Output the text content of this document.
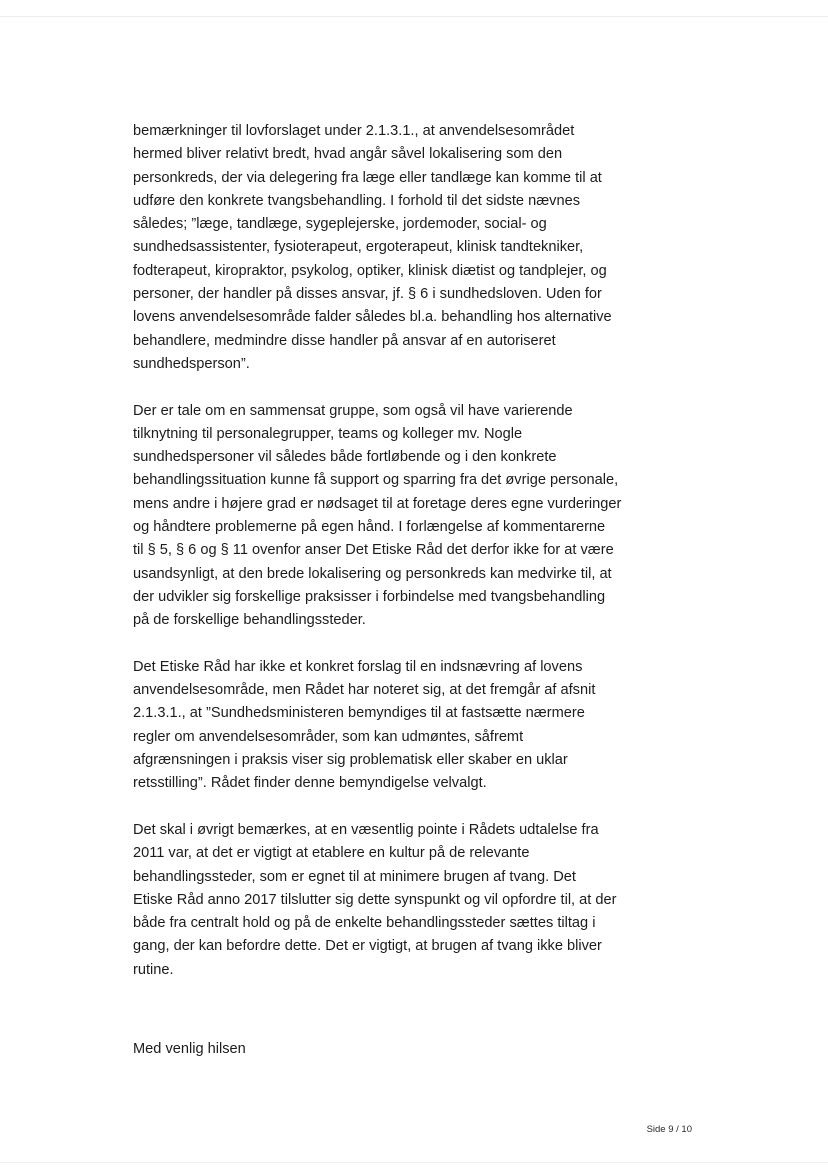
bemærkninger til lovforslaget under 2.1.3.1., at anvendelsesområdet
hermed bliver relativt bredt, hvad angår såvel lokalisering som den
personkreds, der via delegering fra læge eller tandlæge kan komme til at
udføre den konkrete tvangsbehandling. I forhold til det sidste nævnes
således; ”læge, tandlæge, sygeplejerske, jordemoder, social- og
sundhedsassistenter, fysioterapeut, ergoterapeut, klinisk tandtekniker,
fodterapeut, kiropraktor, psykolog, optiker, klinisk diætist og tandplejer, og
personer, der handler på disses ansvar, jf. § 6 i sundhedsloven. Uden for
lovens anvendelsesområde falder således bl.a. behandling hos alternative
behandlere, medmindre disse handler på ansvar af en autoriseret
sundhedsperson”.

Der er tale om en sammensat gruppe, som også vil have varierende
tilknytning til personalegrupper, teams og kolleger mv. Nogle
sundhedspersoner vil således både fortløbende og i den konkrete
behandlingssituation kunne få support og sparring fra det øvrige personale,
mens andre i højere grad er nødsaget til at foretage deres egne vurderinger
og håndtere problemerne på egen hånd. I forlængelse af kommentarerne
til § 5, § 6 og § 11 ovenfor anser Det Etiske Råd det derfor ikke for at være
usandsynligt, at den brede lokalisering og personkreds kan medvirke til, at
der udvikler sig forskellige praksisser i forbindelse med tvangsbehandling
på de forskellige behandlingssteder.

Det Etiske Råd har ikke et konkret forslag til en indsnævring af lovens
anvendelsesområde, men Rådet har noteret sig, at det fremgår af afsnit
2.1.3.1., at ”Sundhedsministeren bemyndiges til at fastsætte nærmere
regler om anvendelsesområder, som kan udmøntes, såfremt
afgrænsningen i praksis viser sig problematisk eller skaber en uklar
retsstilling”. Rådet finder denne bemyndigelse velvalgt.

Det skal i øvrigt bemærkes, at en væsentlig pointe i Rådets udtalelse fra
2011 var, at det er vigtigt at etablere en kultur på de relevante
behandlingssteder, som er egnet til at minimere brugen af tvang. Det
Etiske Råd anno 2017 tilslutter sig dette synspunkt og vil opfordre til, at der
både fra centralt hold og på de enkelte behandlingssteder sættes tiltag i
gang, der kan befordre dette. Det er vigtigt, at brugen af tvang ikke bliver
rutine.

Med venlig hilsen
Side 9 / 10
